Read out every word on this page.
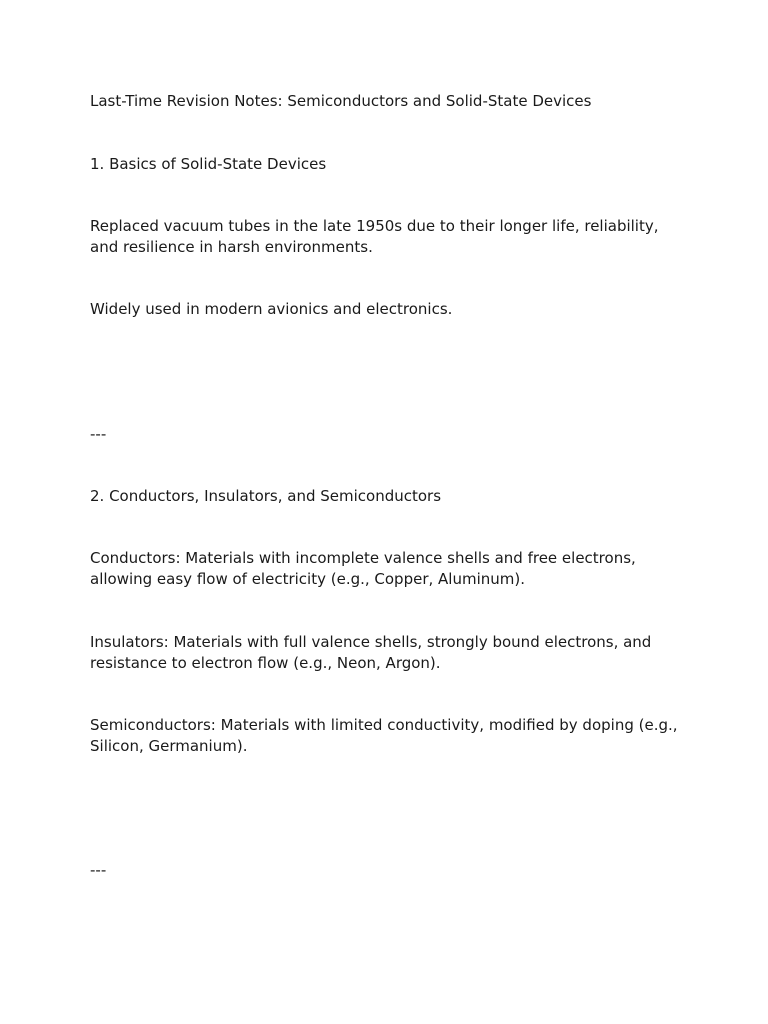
Last-Time Revision Notes: Semiconductors and Solid-State Devices

1. Basics of Solid-State Devices

Replaced vacuum tubes in the late 1950s due to their longer life, reliability, and resilience in harsh environments.

Widely used in modern avionics and electronics.

---

2. Conductors, Insulators, and Semiconductors

Conductors: Materials with incomplete valence shells and free electrons, allowing easy flow of electricity (e.g., Copper, Aluminum).

Insulators: Materials with full valence shells, strongly bound electrons, and resistance to electron flow (e.g., Neon, Argon).

Semiconductors: Materials with limited conductivity, modified by doping (e.g., Silicon, Germanium).

---
